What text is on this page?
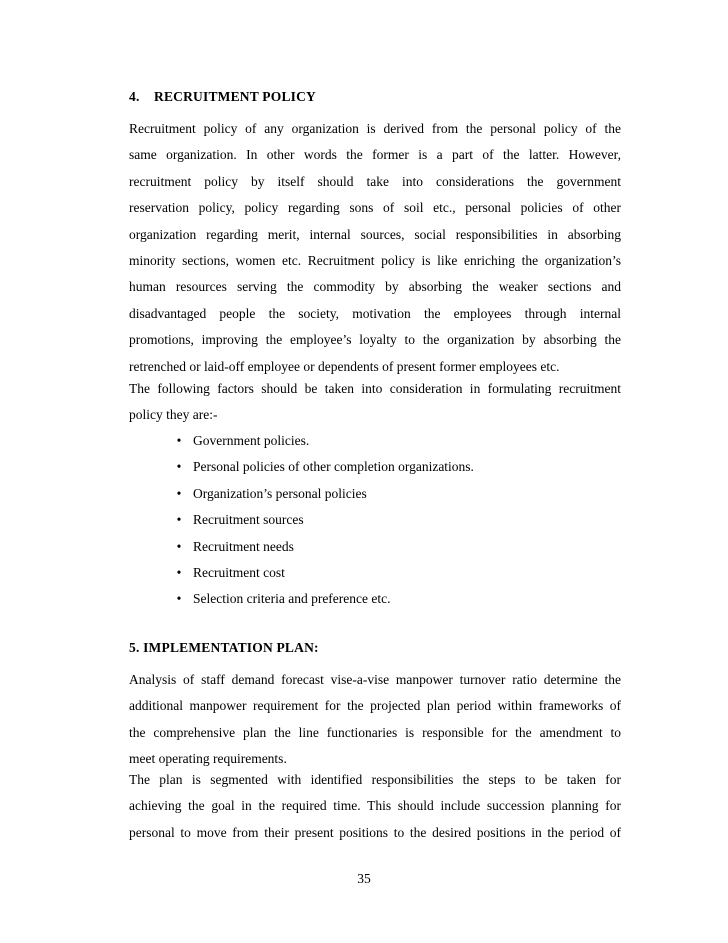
4. RECRUITMENT POLICY
Recruitment policy of any organization is derived from the personal policy of the
same organization. In other words the former is a part of the latter. However,
recruitment policy by itself should take into considerations the government
reservation policy, policy regarding sons of soil etc., personal policies of other
organization regarding merit, internal sources, social responsibilities in absorbing
minority sections, women etc. Recruitment policy is like enriching the organization’s
human resources serving the commodity by absorbing the weaker sections and
disadvantaged people the society, motivation the employees through internal
promotions, improving the employee’s loyalty to the organization by absorbing the
retrenched or laid-off employee or dependents of present former employees etc.
The following factors should be taken into consideration in formulating recruitment
policy they are:-
• Government policies.
• Personal policies of other completion organizations.
• Organization’s personal policies
• Recruitment sources
• Recruitment needs
• Recruitment cost
• Selection criteria and preference etc.
5. IMPLEMENTATION PLAN:
Analysis of staff demand forecast vise-a-vise manpower turnover ratio determine the
additional manpower requirement for the projected plan period within frameworks of
the comprehensive plan the line functionaries is responsible for the amendment to
meet operating requirements.
The plan is segmented with identified responsibilities the steps to be taken for
achieving the goal in the required time. This should include succession planning for
personal to move from their present positions to the desired positions in the period of
35
